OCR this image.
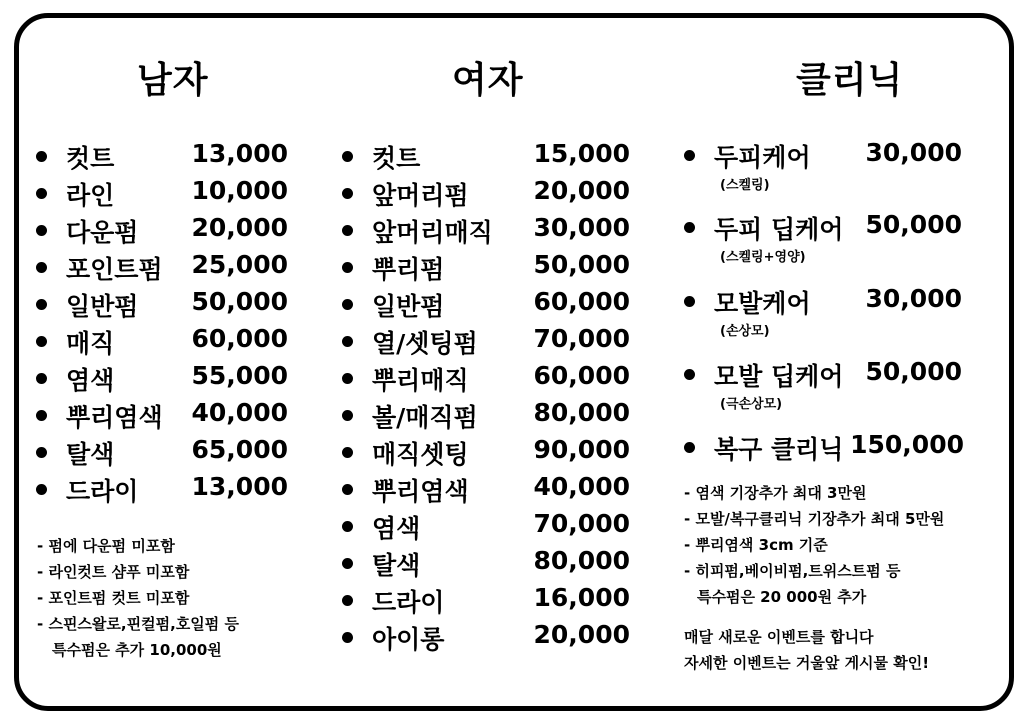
남자	여자	클리닉
컷트	13,000
라인	10,000
다운펌 20,000
포인트펌 25,000
일반펌 50,000
매직	60,000
염색	55,000
뿌리염색 40,000
탈색	65,000
드라이 13,000
- 펌에 다운펌 미포함
- 라인컷트 샴푸 미포함
- 포인트펌 컷트 미포함
- 스핀스왈로,핀컬펌,호일펌 등
특수펌은 추가 10,000원
컷트	15,000
앞머리펌	20,000
앞머리매직 30,000
뿌리펌	50,000
일반펌	60,000
열/셋팅펌 70,000
뿌리매직	60,000
볼/매직펌 80,000
매직셋팅	90,000
뿌리염색	40,000
염색	70,000
탈색	80,000
드라이	16,000
아이롱	20,000
두피케어 30,000
(스켈링)
두피 딥케어 50,000
(스켈링+영양)
모발케어 30,000
(손상모)
모발 딥케어 50,000
(극손상모)
복구 클리닉 150,000
- 염색 기장추가 최대 3만원
- 모발/복구클리닉 기장추가 최대 5만원
- 뿌리염색 3cm 기준
- 히피펌,베이비펌,트위스트펌 등
특수펌은 20 000원 추가
매달 새로운 이벤트를 합니다
자세한 이벤트는 거울앞 게시물 확인!
